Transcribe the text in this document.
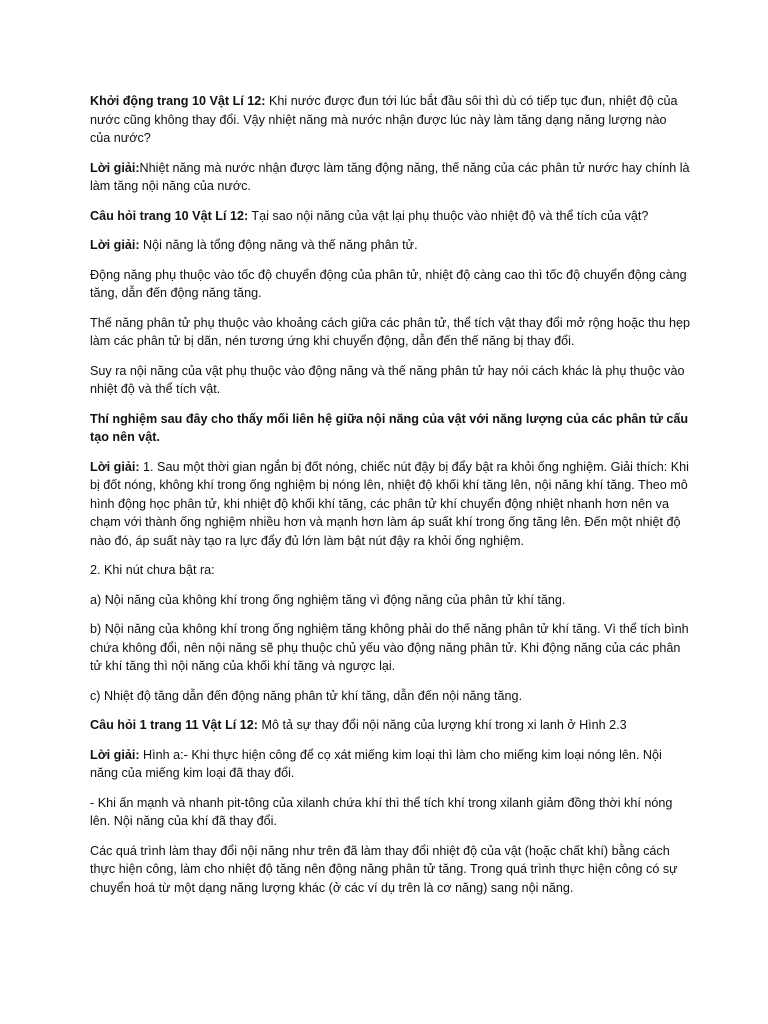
Khởi động trang 10 Vật Lí 12: Khi nước được đun tới lúc bắt đầu sôi thì dù có tiếp tục đun, nhiệt độ của nước cũng không thay đổi. Vậy nhiệt năng mà nước nhận được lúc này làm tăng dạng năng lượng nào của nước?

Lời giải:Nhiệt năng mà nước nhận được làm tăng động năng, thế năng của các phân tử nước hay chính là làm tăng nội năng của nước.

Câu hỏi trang 10 Vật Lí 12: Tại sao nội năng của vật lại phụ thuộc vào nhiệt độ và thể tích của vật?

Lời giải: Nội năng là tổng động năng và thế năng phân tử.

Động năng phụ thuộc vào tốc độ chuyển động của phân tử, nhiệt độ càng cao thì tốc độ chuyển động càng tăng, dẫn đến động năng tăng.

Thế năng phân tử phụ thuộc vào khoảng cách giữa các phân tử, thể tích vật thay đổi mở rộng hoặc thu hẹp làm các phân tử bị dãn, nén tương ứng khi chuyển động, dẫn đến thế năng bị thay đổi.

Suy ra nội năng của vật phụ thuộc vào động năng và thế năng phân tử hay nói cách khác là phụ thuộc vào nhiệt độ và thể tích vật.

Thí nghiệm sau đây cho thấy mối liên hệ giữa nội năng của vật với năng lượng của các phân tử cấu tạo nên vật.

Lời giải: 1. Sau một thời gian ngắn bị đốt nóng, chiếc nút đậy bị đẩy bật ra khỏi ống nghiệm. Giải thích: Khi bị đốt nóng, không khí trong ống nghiệm bị nóng lên, nhiệt độ khối khí tăng lên, nội năng khí tăng. Theo mô hình động học phân tử, khi nhiệt độ khối khí tăng, các phân tử khí chuyển động nhiệt nhanh hơn nên va chạm với thành ống nghiệm nhiều hơn và mạnh hơn làm áp suất khí trong ống tăng lên. Đến một nhiệt độ nào đó, áp suất này tạo ra lực đẩy đủ lớn làm bật nút đậy ra khỏi ống nghiệm.

2. Khi nút chưa bật ra:

a) Nội năng của không khí trong ống nghiệm tăng vì động năng của phân tử khí tăng.

b) Nội năng của không khí trong ống nghiệm tăng không phải do thế năng phân tử khí tăng. Vì thể tích bình chứa không đổi, nên nội năng sẽ phụ thuộc chủ yếu vào động năng phân tử. Khi động năng của các phân tử khí tăng thì nội năng của khối khí tăng và ngược lại.

c) Nhiệt độ tăng dẫn đến động năng phân tử khí tăng, dẫn đến nội năng tăng.

Câu hỏi 1 trang 11 Vật Lí 12: Mô tả sự thay đổi nội năng của lượng khí trong xi lanh ở Hình 2.3

Lời giải: Hình a:- Khi thực hiện công để cọ xát miếng kim loại thì làm cho miếng kim loại nóng lên. Nội năng của miếng kim loại đã thay đổi.

- Khi ấn mạnh và nhanh pit-tông của xilanh chứa khí thì thể tích khí trong xilanh giảm đồng thời khí nóng lên. Nội năng của khí đã thay đổi.

Các quá trình làm thay đổi nội năng như trên đã làm thay đổi nhiệt độ của vật (hoặc chất khí) bằng cách thực hiện công, làm cho nhiệt độ tăng nên động năng phân tử tăng. Trong quá trình thực hiện công có sự chuyển hoá từ một dạng năng lượng khác (ở các ví dụ trên là cơ năng) sang nội năng.
